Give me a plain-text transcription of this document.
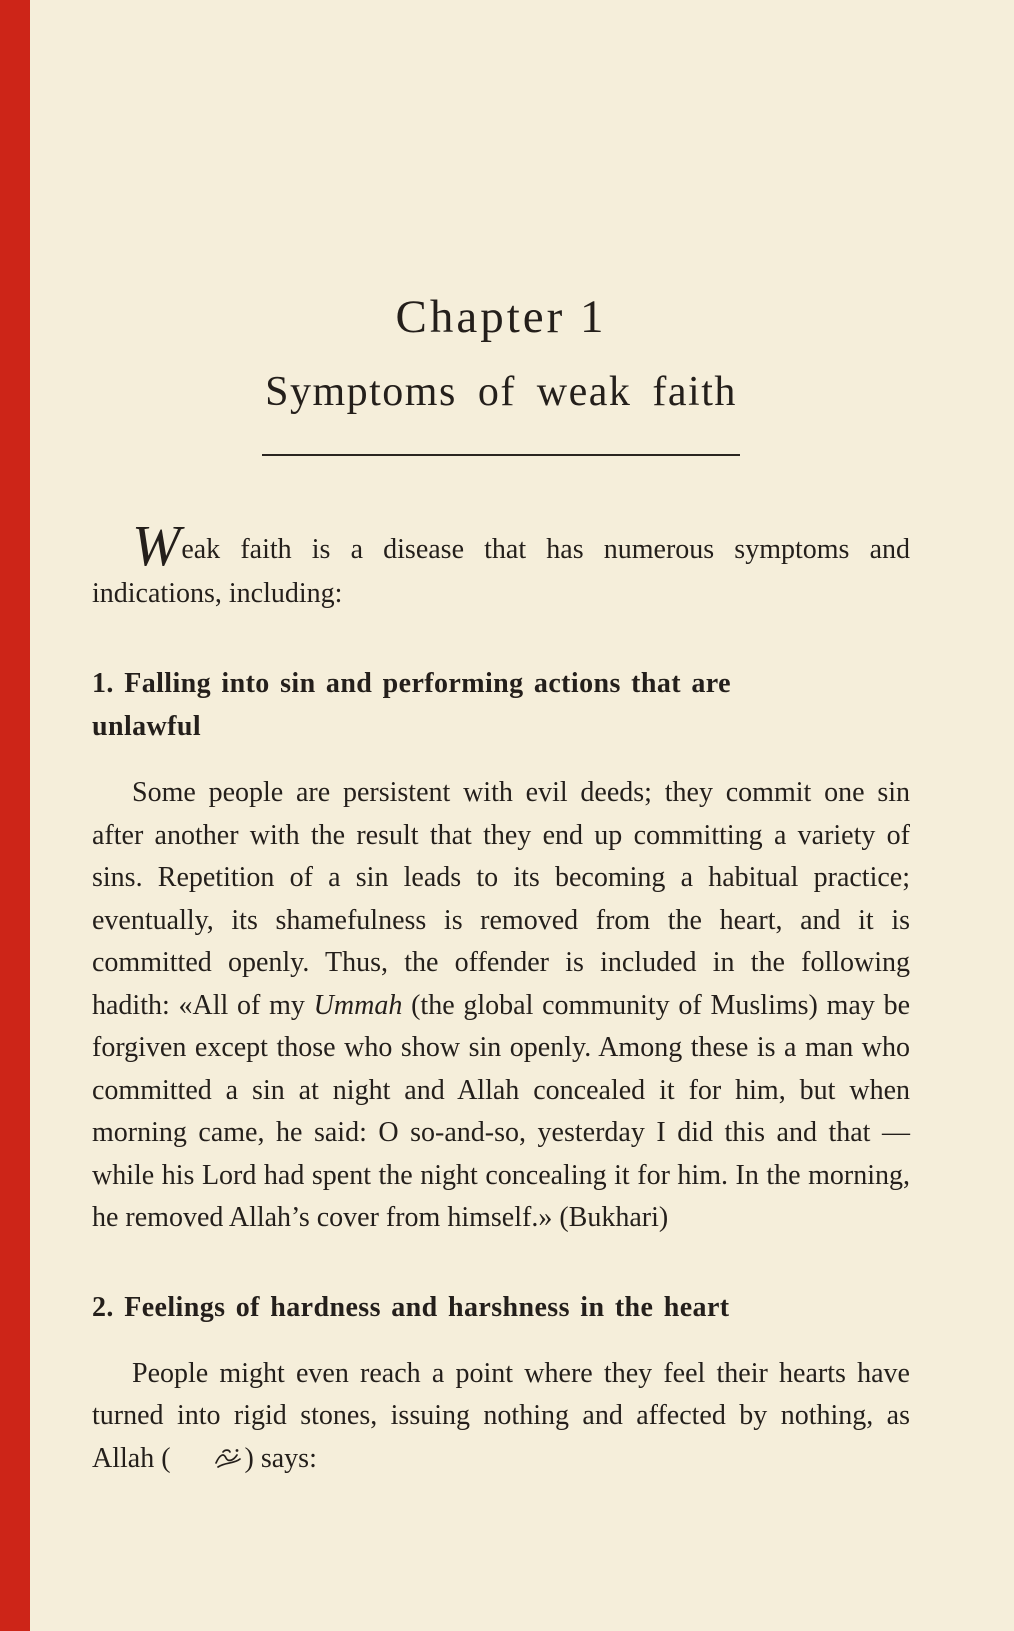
Chapter 1
Symptoms of weak faith

Weak faith is a disease that has numerous symptoms and indications, including:

1. Falling into sin and performing actions that are unlawful

Some people are persistent with evil deeds; they commit one sin after another with the result that they end up committing a variety of sins. Repetition of a sin leads to its becoming a habitual practice; eventually, its shamefulness is removed from the heart, and it is committed openly. Thus, the offender is included in the following hadith: «All of my Ummah (the global community of Muslims) may be forgiven except those who show sin openly. Among these is a man who committed a sin at night and Allah concealed it for him, but when morning came, he said: O so-and-so, yesterday I did this and that — while his Lord had spent the night concealing it for him. In the morning, he removed Allah’s cover from himself.» (Bukhari)

2. Feelings of hardness and harshness in the heart

People might even reach a point where they feel their hearts have turned into rigid stones, issuing nothing and affected by nothing, as Allah (	) says:
